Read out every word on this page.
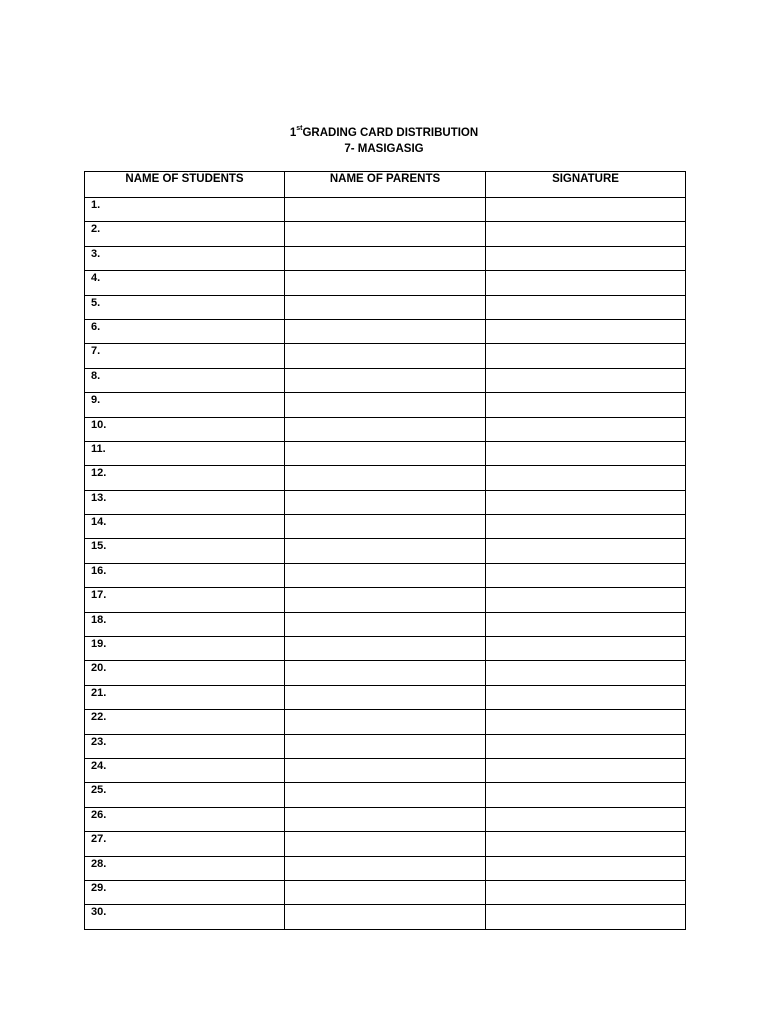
1stGRADING CARD DISTRIBUTION
7- MASIGASIG
NAME OF STUDENTS	NAME OF PARENTS	SIGNATURE
1.		
2.		
3.		
4.		
5.		
6.		
7.		
8.		
9.		
10.		
11.		
12.		
13.		
14.		
15.		
16.		
17.		
18.		
19.		
20.		
21.		
22.		
23.		
24.		
25.		
26.		
27.		
28.		
29.		
30.		
